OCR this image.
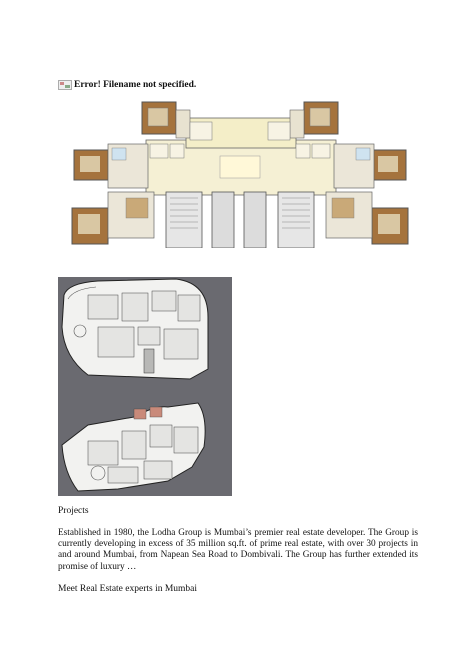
Error! Filename not specified.
Projects

Established in 1980, the Lodha Group is Mumbai’s premier real estate developer. The Group is currently developing in excess of 35 million sq.ft. of prime real estate, with over 30 projects in and around Mumbai, from Napean Sea Road to Dombivali. The Group has further extended its promise of luxury …

Meet Real Estate experts in Mumbai
